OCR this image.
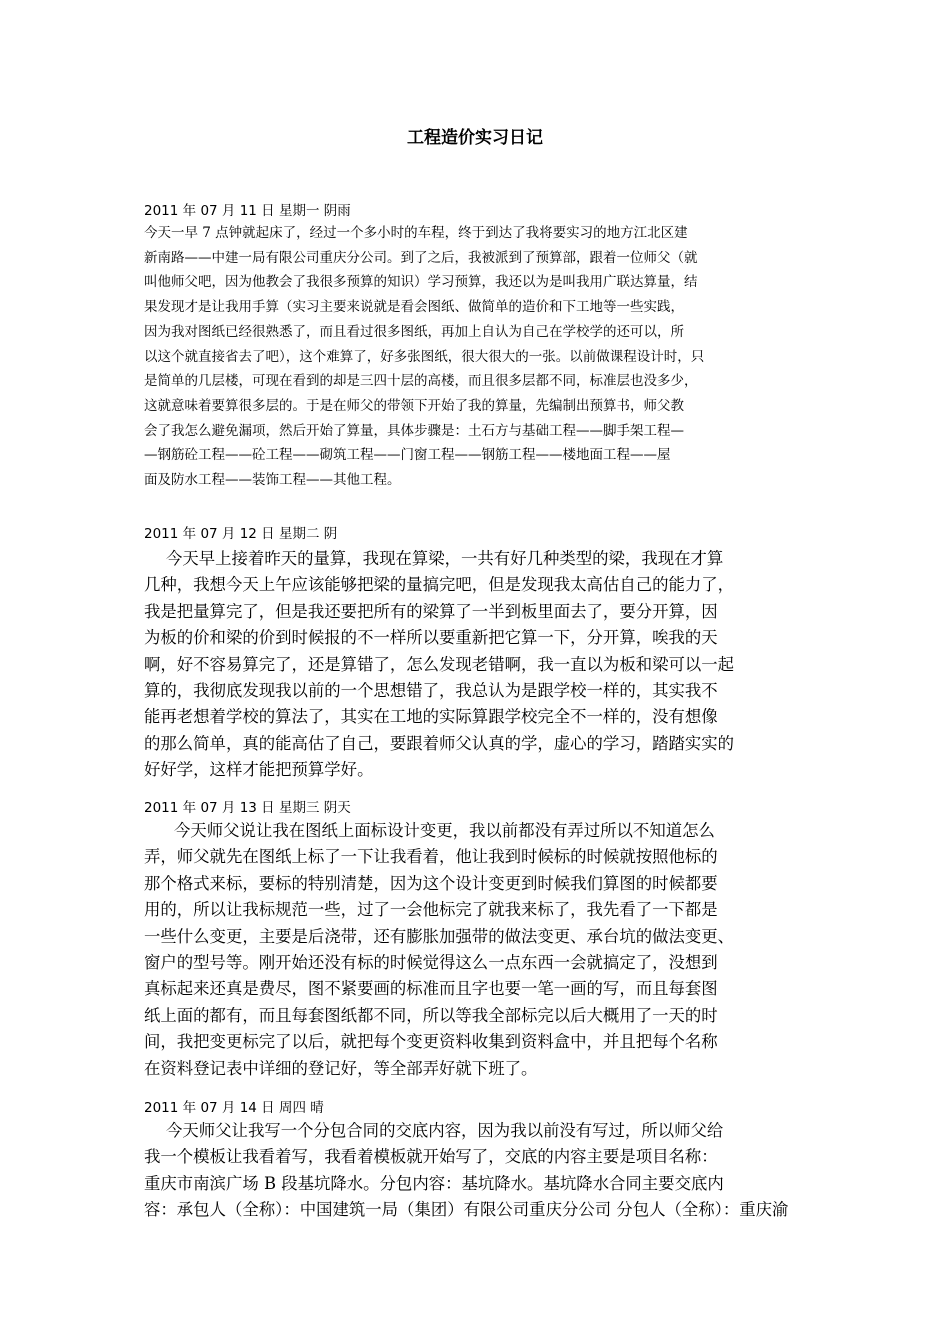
工程造价实习日记
2011 年 07 月 11 日 星期一 阴雨
今天一早 7 点钟就起床了，经过一个多小时的车程，终于到达了我将要实习的地方江北区建
新南路——中建一局有限公司重庆分公司。到了之后，我被派到了预算部，跟着一位师父（就
叫他师父吧，因为他教会了我很多预算的知识）学习预算，我还以为是叫我用广联达算量，结
果发现才是让我用手算（实习主要来说就是看会图纸、做简单的造价和下工地等一些实践，
因为我对图纸已经很熟悉了，而且看过很多图纸，再加上自认为自己在学校学的还可以，所
以这个就直接省去了吧），这个难算了，好多张图纸，很大很大的一张。以前做课程设计时，只
是简单的几层楼，可现在看到的却是三四十层的高楼，而且很多层都不同，标准层也没多少，
这就意味着要算很多层的。于是在师父的带领下开始了我的算量，先编制出预算书，师父教
会了我怎么避免漏项，然后开始了算量，具体步骤是：土石方与基础工程——脚手架工程—
—钢筋砼工程——砼工程——砌筑工程——门窗工程——钢筋工程——楼地面工程——屋
面及防水工程——装饰工程——其他工程。
2011 年 07 月 12 日 星期二 阴
今天早上接着昨天的量算，我现在算梁，一共有好几种类型的梁，我现在才算
几种，我想今天上午应该能够把梁的量搞完吧，但是发现我太高估自己的能力了，
我是把量算完了，但是我还要把所有的梁算了一半到板里面去了，要分开算，因
为板的价和梁的价到时候报的不一样所以要重新把它算一下，分开算，唉我的天
啊，好不容易算完了，还是算错了，怎么发现老错啊，我一直以为板和梁可以一起
算的，我彻底发现我以前的一个思想错了，我总认为是跟学校一样的，其实我不
能再老想着学校的算法了，其实在工地的实际算跟学校完全不一样的，没有想像
的那么简单，真的能高估了自己，要跟着师父认真的学，虚心的学习，踏踏实实的
好好学，这样才能把预算学好。
2011 年 07 月 13 日 星期三 阴天
今天师父说让我在图纸上面标设计变更，我以前都没有弄过所以不知道怎么
弄，师父就先在图纸上标了一下让我看着，他让我到时候标的时候就按照他标的
那个格式来标，要标的特别清楚，因为这个设计变更到时候我们算图的时候都要
用的，所以让我标规范一些，过了一会他标完了就我来标了，我先看了一下都是
一些什么变更，主要是后浇带，还有膨胀加强带的做法变更、承台坑的做法变更、
窗户的型号等。刚开始还没有标的时候觉得这么一点东西一会就搞定了，没想到
真标起来还真是费尽，图不紧要画的标准而且字也要一笔一画的写，而且每套图
纸上面的都有，而且每套图纸都不同，所以等我全部标完以后大概用了一天的时
间，我把变更标完了以后，就把每个变更资料收集到资料盒中，并且把每个名称
在资料登记表中详细的登记好，等全部弄好就下班了。
2011 年 07 月 14 日 周四 晴
今天师父让我写一个分包合同的交底内容，因为我以前没有写过，所以师父给
我一个模板让我看着写，我看着模板就开始写了，交底的内容主要是项目名称：
重庆市南滨广场 B 段基坑降水。分包内容：基坑降水。基坑降水合同主要交底内
容：承包人（全称）：中国建筑一局（集团）有限公司重庆分公司 分包人（全称）：重庆渝
